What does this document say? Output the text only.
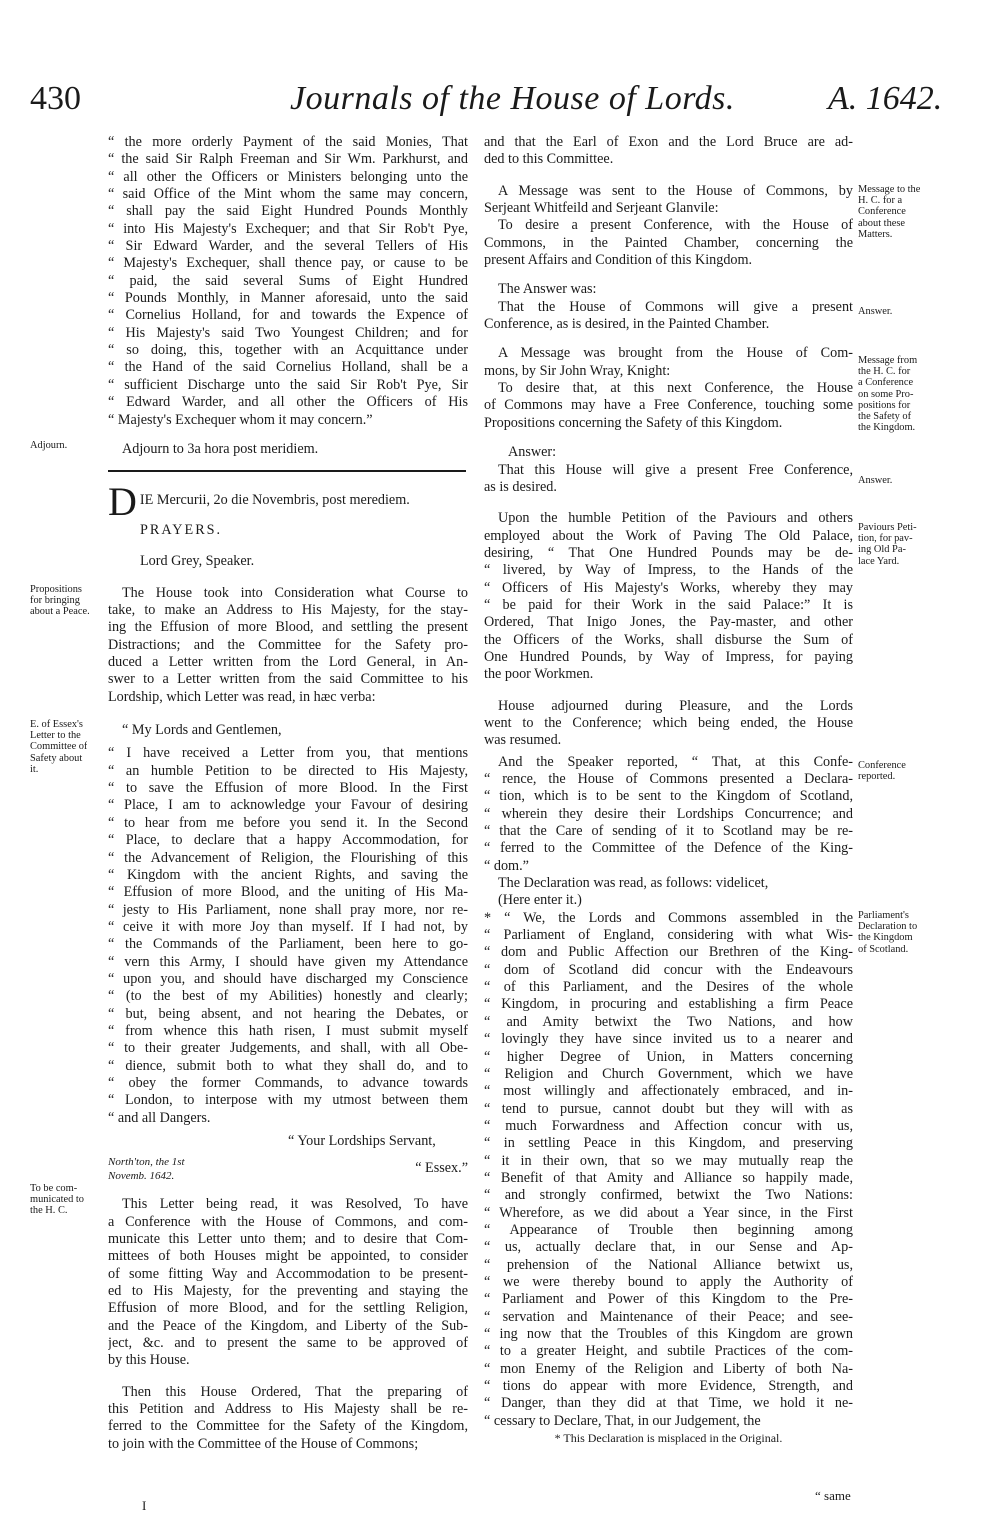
430	Journals of the House of Lords.	A. 1642.
“ the more orderly Payment of the said Monies, That
“ the said Sir Ralph Freeman and Sir Wm. Parkhurst, and
“ all other the Officers or Ministers belonging unto the
“ said Office of the Mint whom the same may concern,
“ shall pay the said Eight Hundred Pounds Monthly
“ into His Majesty's Exchequer; and that Sir Rob't Pye,
“ Sir Edward Warder, and the several Tellers of His
“ Majesty's Exchequer, shall thence pay, or cause to be
“ paid, the said several Sums of Eight Hundred
“ Pounds Monthly, in Manner aforesaid, unto the said
“ Cornelius Holland, for and towards the Expence of
“ His Majesty's said Two Youngest Children; and for
“ so doing, this, together with an Acquittance under
“ the Hand of the said Cornelius Holland, shall be a
“ sufficient Discharge unto the said Sir Rob't Pye, Sir
“ Edward Warder, and all other the Officers of His
“ Majesty's Exchequer whom it may concern.”
Adjourn to 3a hora post meridiem.
D IE Mercurii, 2o die Novembris, post meredie​m.
PRAYERS.
Lord Grey, Speaker.
The House took into Consideration what Course to
take, to make an Address to His Majesty, for the stay-
ing the Effusion of more Blood, and settling the present
Distractions; and the Committee for the Safety pro-
duced a Letter written from the Lord General, in An-
swer to a Letter written from the said Committee to his
Lordship, which Letter was read, in hæc verba:
“ My Lords and Gentlemen,
“ I have received a Letter from you, that mentions
“ an humble Petition to be directed to His Majesty,
“ to save the Effusion of more Blood. In the First
“ Place, I am to acknowledge your Favour of desiring
“ to hear from me before you send it. In the Second
“ Place, to declare that a happy Accommodation, for
“ the Advancement of Religion, the Flourishing of this
“ Kingdom with the ancient Rights, and saving the
“ Effusion of more Blood, and the uniting of His Ma-
“ jesty to His Parliament, none shall pray more, nor re-
“ ceive it with more Joy than myself. If I had not, by
“ the Commands of the Parliament, been here to go-
“ vern this Army, I should have given my Attendance
“ upon you, and should have discharged my Conscience
“ (to the best of my Abilities) honestly and clearly;
“ but, being absent, and not hearing the Debates, or
“ from whence this hath risen, I must submit myself
“ to their greater Judgements, and shall, with all Obe-
“ dience, submit both to what they shall do, and to
“ obey the former Commands, to advance towards
“ London, to interpose with my utmost between them
“ and all Dangers.
“ Your Lordships Servant,
North'ton, the 1st
Novemb. 1642.	“ Essex.”
This Letter being read, it was Resolved, To have
a Conference with the House of Commons, and com-
municate this Letter unto them; and to desire that Com-
mittees of both Houses might be appointed, to consider
of some fitting Way and Accommodation to be present-
ed to His Majesty, for the preventing and staying the
Effusion of more Blood, and for the settling Religion,
and the Peace of the Kingdom, and Liberty of the Sub-
ject, &c. and to present the same to be approved of
by this House.
Then this House Ordered, That the preparing of
this Petition and Address to His Majesty shall be re-
ferred to the Committee for the Safety of the Kingdom,
to join with the Committee of the House of Commons;
I
Adjourn.
Propositions
for bringing
about a Peace.
E. of Essex's
Letter to the
Committee of
Safety about
it.
To be com-
municated to
the H. C.
and that the Earl of Exon and the Lord Bruce are ad-
ded to this Committee.
A Message was sent to the House of Commons, by
Serjeant Whitfeild and Serjeant Glanvile:
To desire a present Conference, with the House of
Commons, in the Painted Chamber, concerning the
present Affairs and Condition of this Kingdom.
The Answer was:
That the House of Commons will give a present
Conference, as is desired, in the Painted Chamber.
A Message was brought from the House of Com-
mons, by Sir John Wray, Knight:
To desire that, at this next Conference, the House
of Commons may have a Free Conference, touching some
Propositions concerning the Safety of this Kingdom.
Answer:
That this House will give a present Free Conference,
as is desired.
Upon the humble Petition of the Paviours and others
employed about the Work of Paving The Old Palace,
desiring, “ That One Hundred Pounds may be de-
“ livered, by Way of Impress, to the Hands of the
“ Officers of His Majesty's Works, whereby they may
“ be paid for their Work in the said Palace:” It is
Ordered, That Inigo Jones, the Pay-master, and other
the Officers of the Works, shall disburse the Sum of
One Hundred Pounds, by Way of Impress, for paying
the poor Workmen.
House adjourned during Pleasure, and the Lords
went to the Conference; which being ended, the House
was resumed.
And the Speaker reported, “ That, at this Confe-
“ rence, the House of Commons presented a Declara-
“ tion, which is to be sent to the Kingdom of Scotland,
“ wherein they desire their Lordships Concurrence; and
“ that the Care of sending of it to Scotland may be re-
“ ferred to the Committee of the Defence of the King-
“ dom.”
The Declaration was read, as follows: videlicet,
(Here enter it.)
* “ We, the Lords and Commons assembled in the
“ Parliament of England, considering with what Wis-
“ dom and Public Affection our Brethren of the King-
“ dom of Scotland did concur with the Endeavours
“ of this Parliament, and the Desires of the whole
“ Kingdom, in procuring and establishing a firm Peace
“ and Amity betwixt the Two Nations, and how
“ lovingly they have since invited us to a nearer and
“ higher Degree of Union, in Matters concerning
“ Religion and Church Government, which we have
“ most willingly and affectionately embraced, and in-
“ tend to pursue, cannot doubt but they will with as
“ much Forwardness and Affection concur with us,
“ in settling Peace in this Kingdom, and preserving
“ it in their own, that so we may mutually reap the
“ Benefit of that Amity and Alliance so happily made,
“ and strongly confirmed, betwixt the Two Nations:
“ Wherefore, as we did about a Year since, in the First
“ Appearance of Trouble then beginning among
“ us, actually declare that, in our Sense and Ap-
“ prehension of the National Alliance betwixt us,
“ we were thereby bound to apply the Authority of
“ Parliament and Power of this Kingdom to the Pre-
“ servation and Maintenance of their Peace; and see-
“ ing now that the Troubles of this Kingdom are grown
“ to a greater Height, and subtile Practices of the com-
“ mon Enemy of the Religion and Liberty of both Na-
“ tions do appear with more Evidence, Strength, and
“ Danger, than they did at that Time, we hold it ne-
“ cessary to Declare, That, in our Judgement, the
* This Declaration is misplaced in the Original.
“ same
Message to the
H. C. for a
Conference
about these
Matters.
Answer.
Message from
the H. C. for
a Conference
on some Pro-
positions for
the Safety of
the Kingdom.
Answer.
Paviours Peti-
tion, for pav-
ing Old Pa-
lace Yard.
Conference
reported.
Parliament's
Declaration to
the Kingdom
of Scotland.
